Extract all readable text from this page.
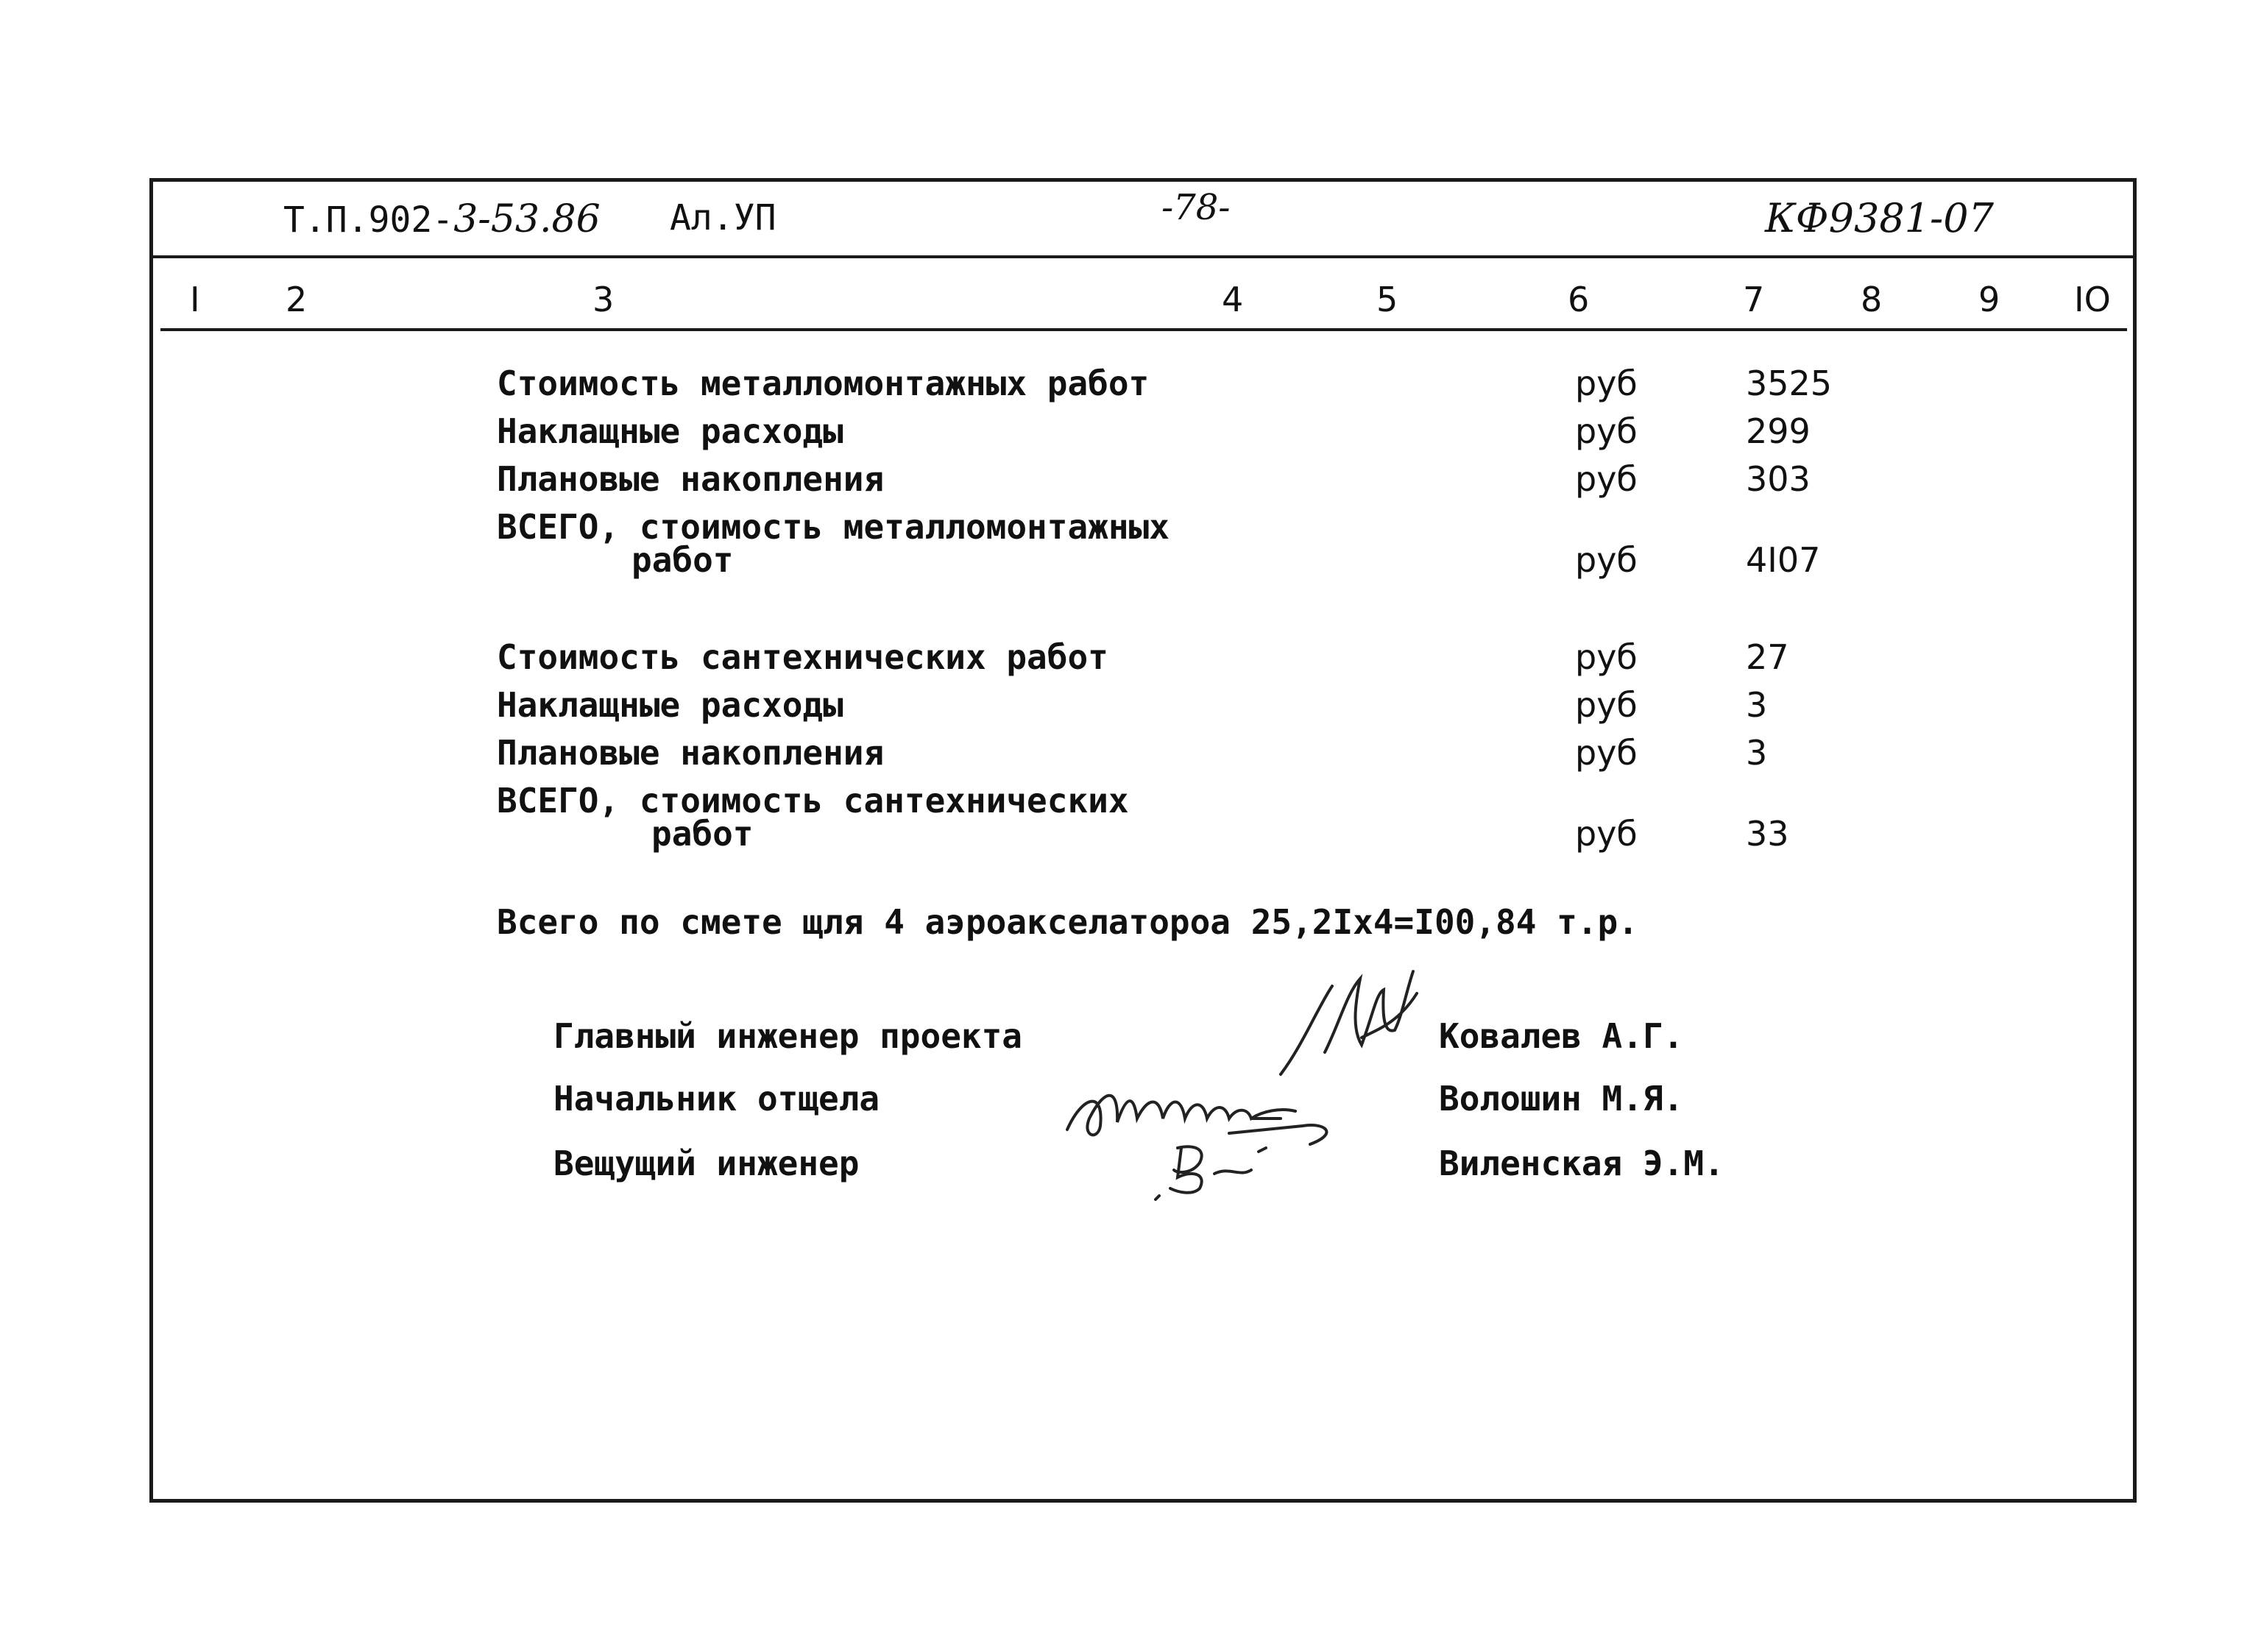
Т.П.902-3-53.86 Ал.УП	-78-	КФ9381-07
I	2	3	4	5	6	7	8	9 IO
Стоимость металломонтажных работ	руб	3525
Наклащные расходы	руб	299
Плановые накопления	руб	303
ВСЕГО, стоимость металломонтажных
работ	руб	4I07
Стоимость сантехнических работ	руб	27
Наклащные расходы	руб	3
Плановые накопления	руб	3
ВСЕГО, стоимость сантехнических
работ	руб	33
Всего по смете щля 4 аэроакселатороа 25,2Iх4=I00,84 т.р.
Главный инженер проекта	Ковалев А.Г.
Начальник отщела	Волошин М.Я.
Вещущий инженер	Виленская Э.М.
